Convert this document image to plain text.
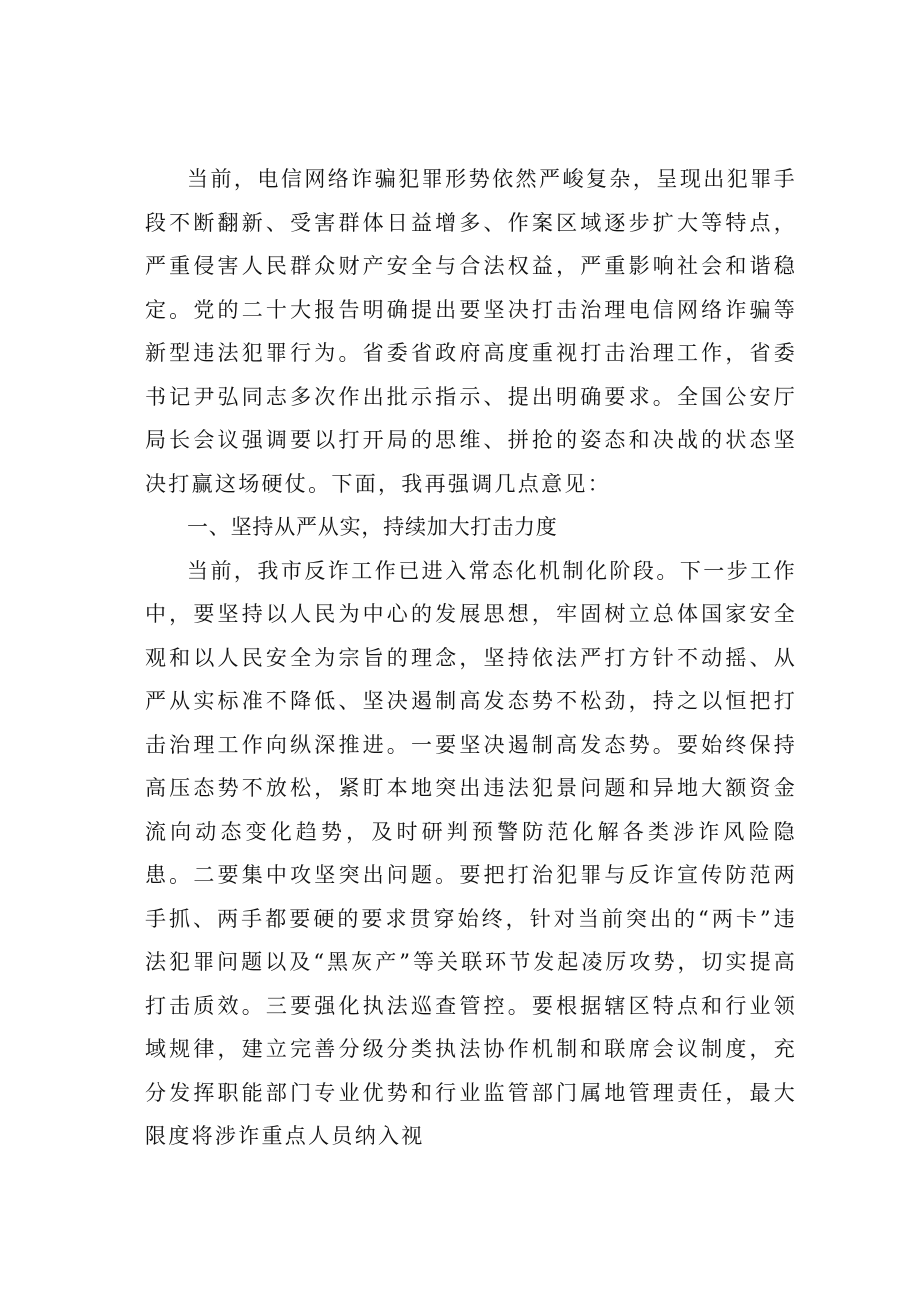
当前，电信网络诈骗犯罪形势依然严峻复杂，呈现出犯罪手段不断翻新、受害群体日益增多、作案区域逐步扩大等特点，严重侵害人民群众财产安全与合法权益，严重影响社会和谐稳定。党的二十大报告明确提出要坚决打击治理电信网络诈骗等新型违法犯罪行为。省委省政府高度重视打击治理工作，省委书记尹弘同志多次作出批示指示、提出明确要求。全国公安厅局长会议强调要以打开局的思维、拼抢的姿态和决战的状态坚决打赢这场硬仗。下面，我再强调几点意见：

一、坚持从严从实，持续加大打击力度

当前，我市反诈工作已进入常态化机制化阶段。下一步工作中，要坚持以人民为中心的发展思想，牢固树立总体国家安全观和以人民安全为宗旨的理念，坚持依法严打方针不动摇、从严从实标准不降低、坚决遏制高发态势不松劲，持之以恒把打击治理工作向纵深推进。一要坚决遏制高发态势。要始终保持高压态势不放松，紧盯本地突出违法犯景问题和异地大额资金流向动态变化趋势，及时研判预警防范化解各类涉诈风险隐患。二要集中攻坚突出问题。要把打治犯罪与反诈宣传防范两手抓、两手都要硬的要求贯穿始终，针对当前突出的“两卡”违法犯罪问题以及“黑灰产”等关联环节发起凌厉攻势，切实提高打击质效。三要强化执法巡查管控。要根据辖区特点和行业领域规律，建立完善分级分类执法协作机制和联席会议制度，充分发挥职能部门专业优势和行业监管部门属地管理责任，最大限度将涉诈重点人员纳入视
